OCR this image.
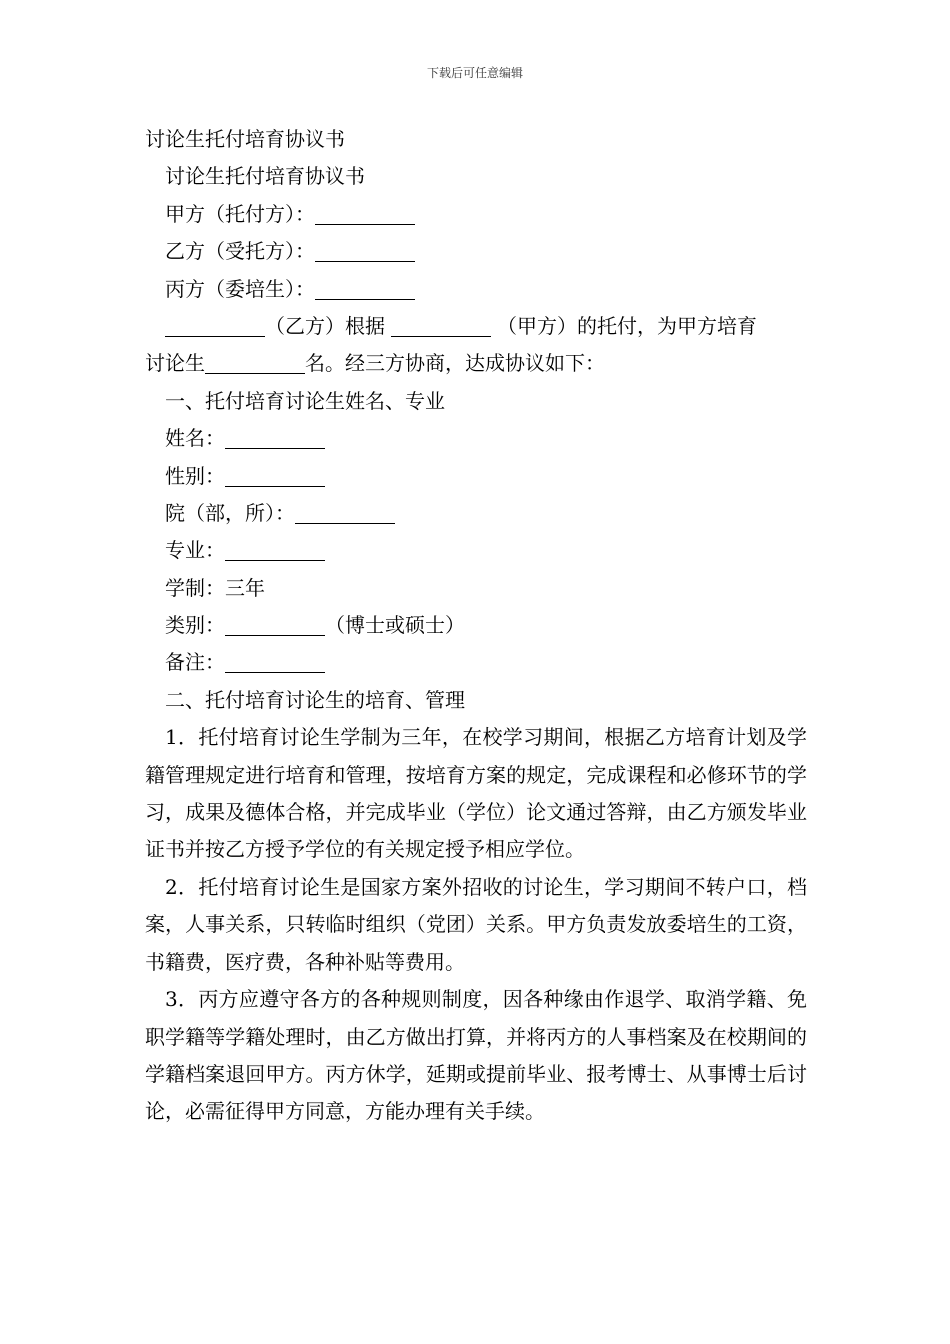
下载后可任意编辑
讨论生托付培育协议书
讨论生托付培育协议书
甲方（托付方）：
乙方（受托方）：
丙方（委培生）：
（乙方）根据	（甲方）的托付，为甲方培育
讨论生	名。经三方协商，达成协议如下：
一、托付培育讨论生姓名、专业
姓名：
性别：
院（部，所）：
专业：
学制：三年
类别：	（博士或硕士）
备注：
二、托付培育讨论生的培育、管理

1．托付培育讨论生学制为三年，在校学习期间，根据乙方培育计划及学籍管理规定进行培育和管理，按培育方案的规定，完成课程和必修环节的学习，成果及德体合格，并完成毕业（学位）论文通过答辩，由乙方颁发毕业证书并按乙方授予学位的有关规定授予相应学位。

2．托付培育讨论生是国家方案外招收的讨论生，学习期间不转户口，档案，人事关系，只转临时组织（党团）关系。甲方负责发放委培生的工资，书籍费，医疗费，各种补贴等费用。

3．丙方应遵守各方的各种规则制度，因各种缘由作退学、取消学籍、免职学籍等学籍处理时，由乙方做出打算，并将丙方的人事档案及在校期间的学籍档案退回甲方。丙方休学，延期或提前毕业、报考博士、从事博士后讨论，必需征得甲方同意，方能办理有关手续。
